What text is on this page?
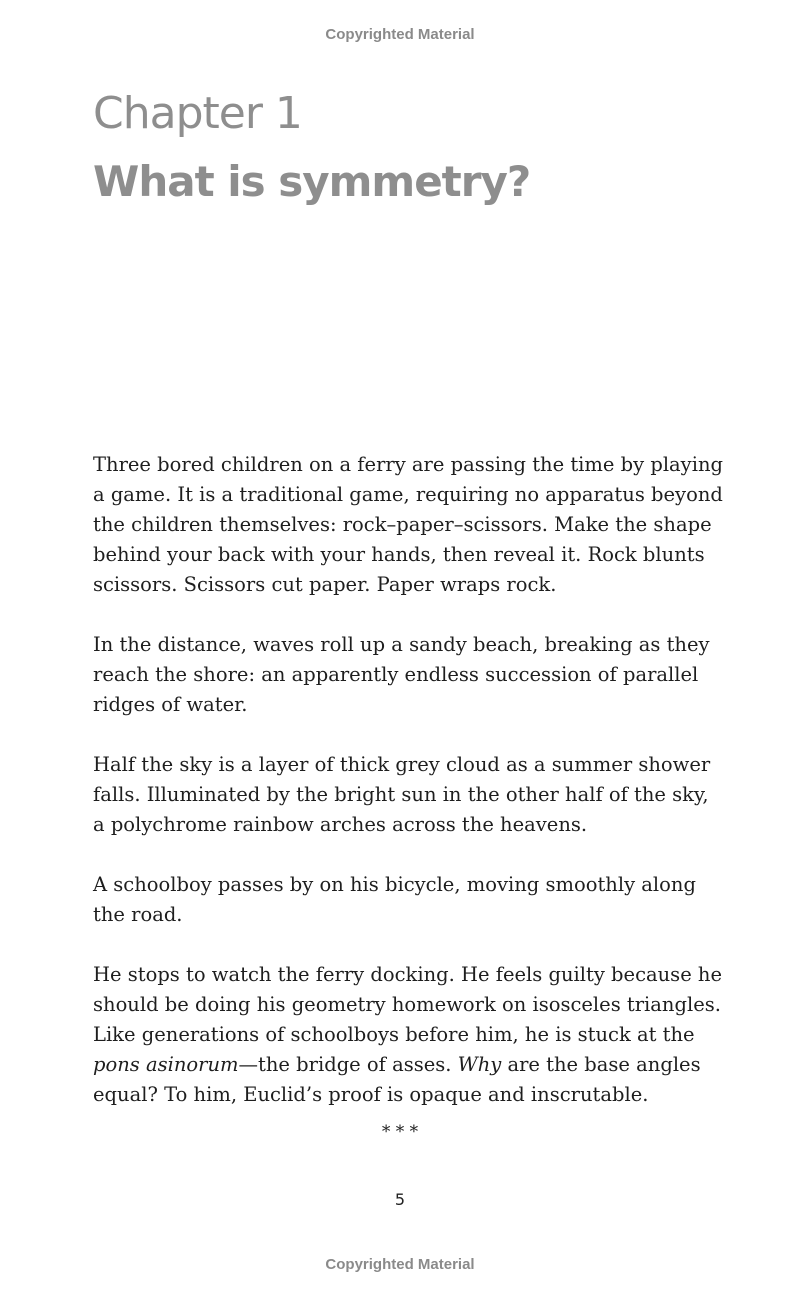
Copyrighted Material
Chapter 1
What is symmetry?

Three bored children on a ferry are passing the time by playing a game. It is a traditional game, requiring no apparatus beyond the children themselves: rock–paper–scissors. Make the shape behind your back with your hands, then reveal it. Rock blunts scissors. Scissors cut paper. Paper wraps rock.

In the distance, waves roll up a sandy beach, breaking as they reach the shore: an apparently endless succession of parallel ridges of water.

Half the sky is a layer of thick grey cloud as a summer shower falls. Illuminated by the bright sun in the other half of the sky, a polychrome rainbow arches across the heavens.

A schoolboy passes by on his bicycle, moving smoothly along the road.

He stops to watch the ferry docking. He feels guilty because he should be doing his geometry homework on isosceles triangles. Like generations of schoolboys before him, he is stuck at the pons asinorum—the bridge of asses. Why are the base angles equal? To him, Euclid’s proof is opaque and inscrutable.

* * *
5
Copyrighted Material
